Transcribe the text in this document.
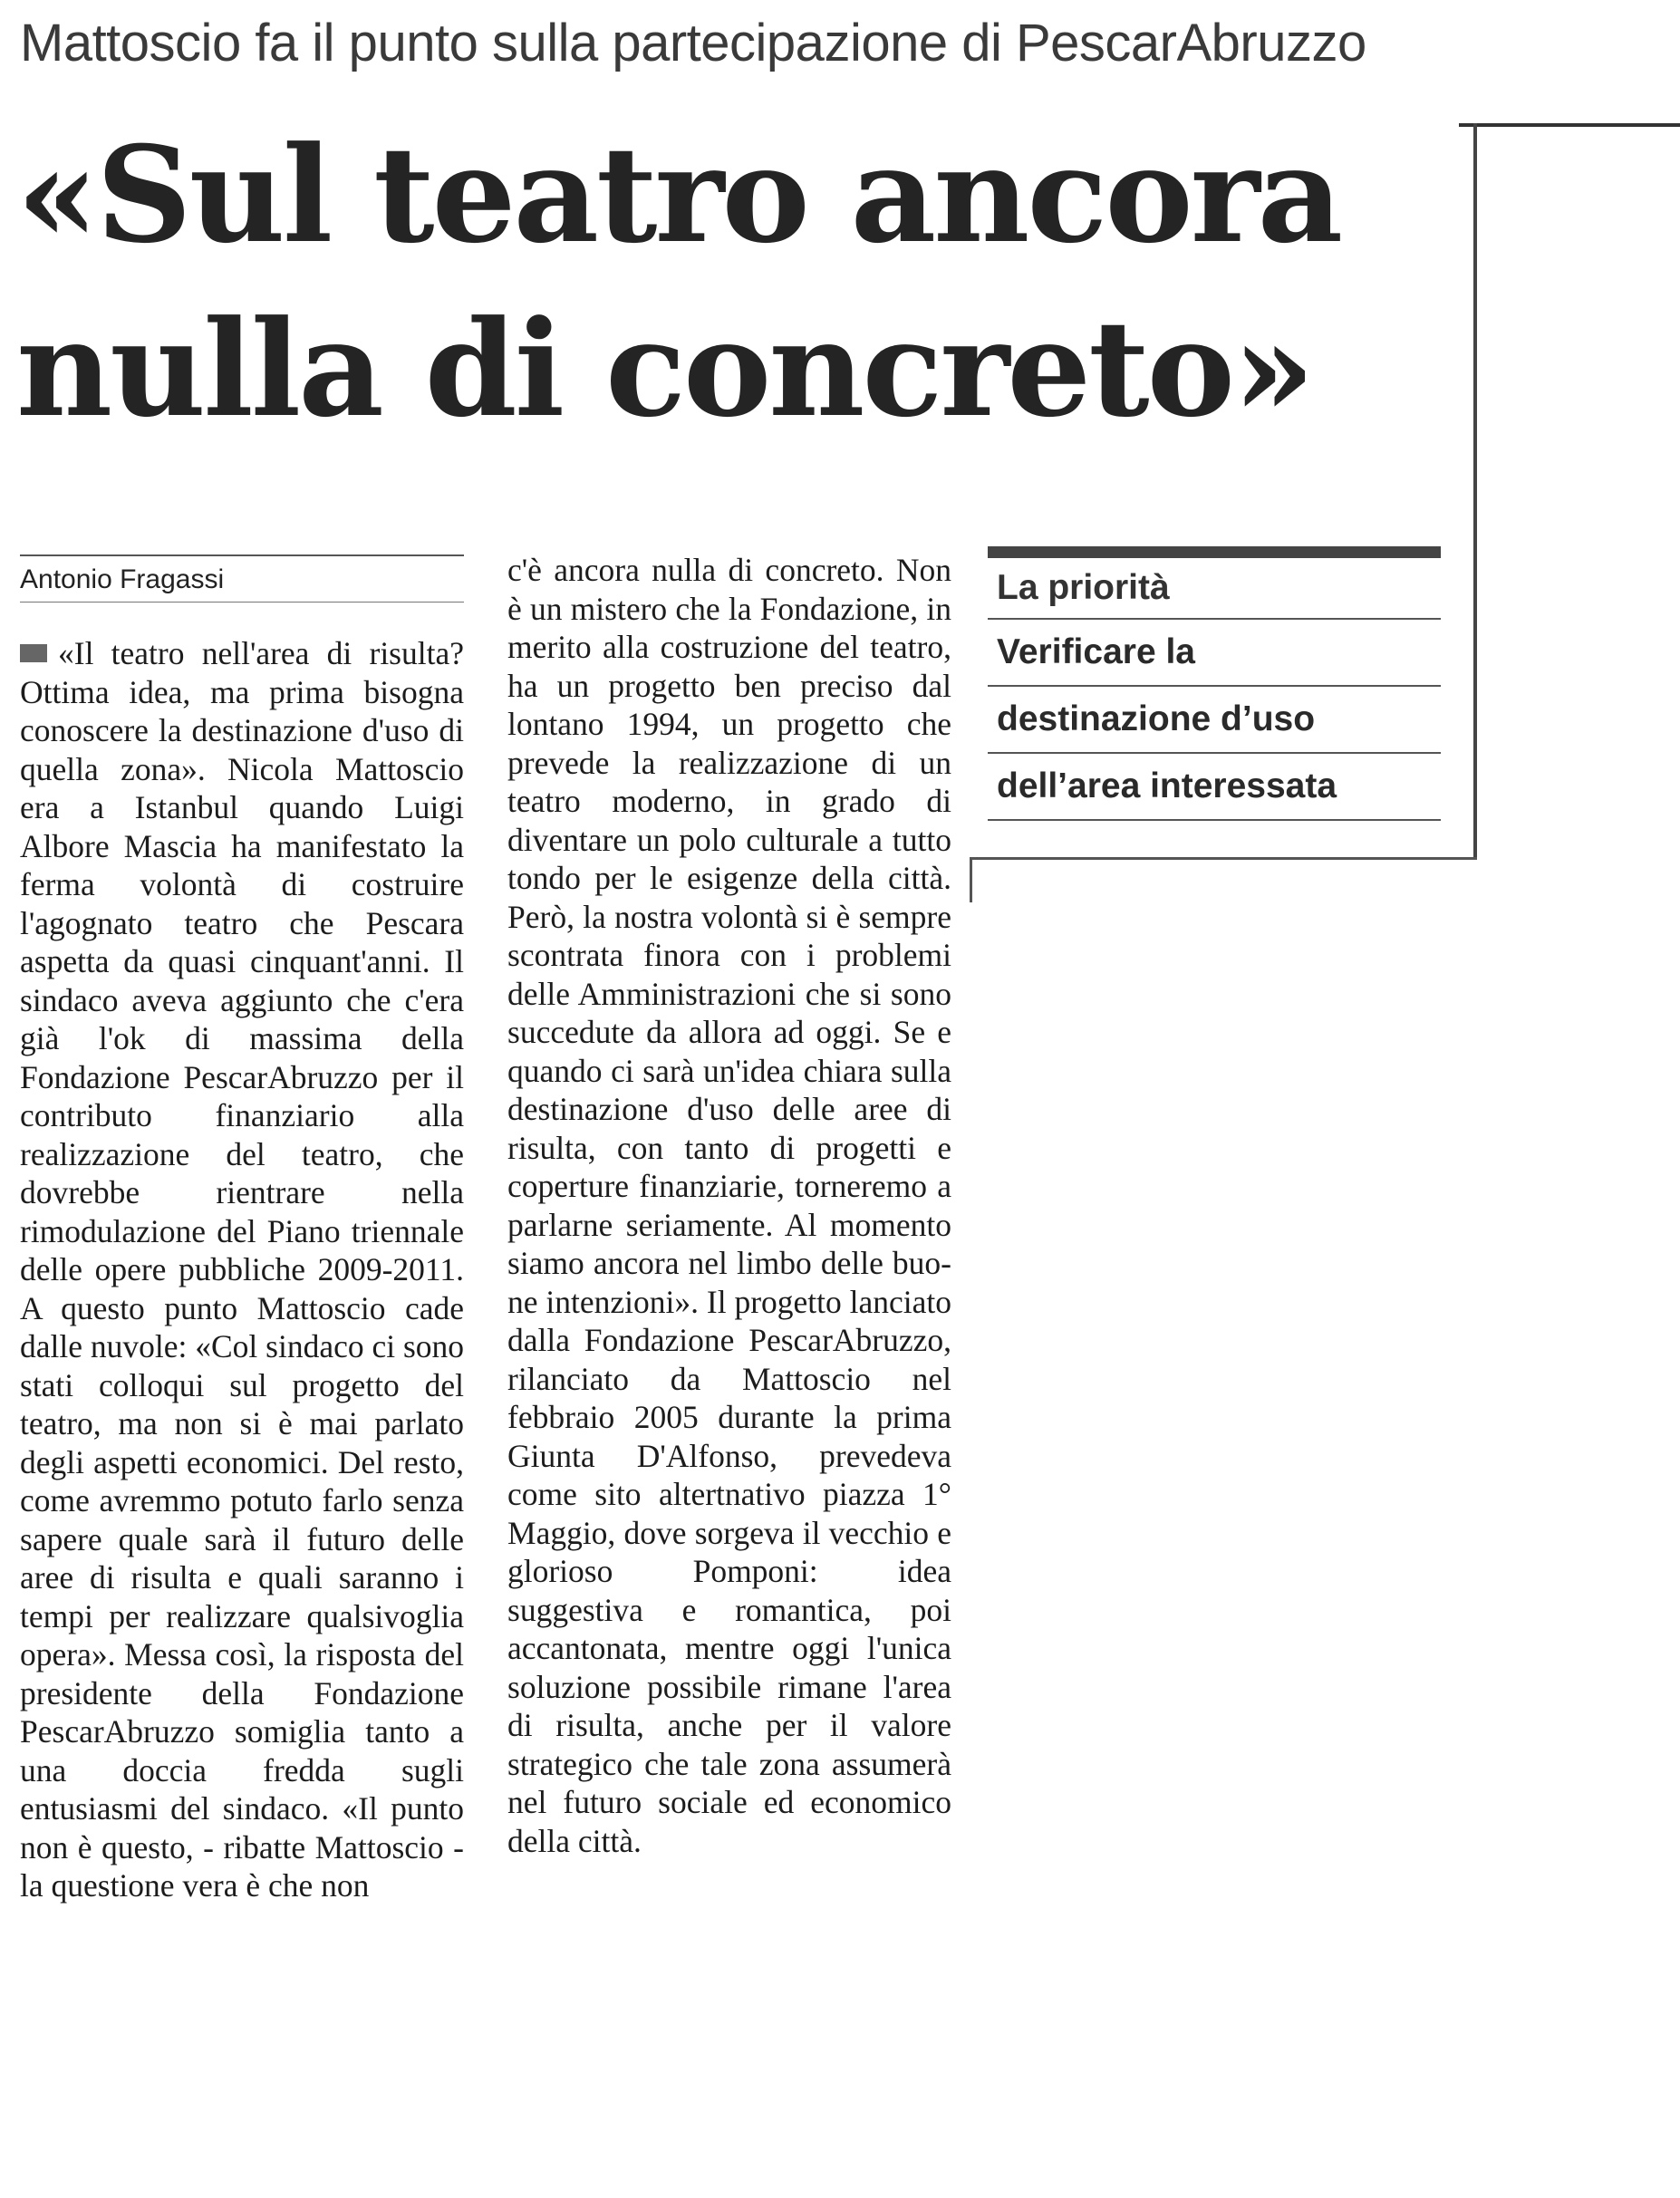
Mattoscio fa il punto sulla partecipazione di PescarAbruzzo
«Sul teatro ancora
nulla di concreto»
Antonio Fragassi

«Il teatro nell'area di risulta? Ottima idea, ma prima bisogna conoscere la destinazione d'uso di quella zona». Nicola Mattoscio era a Istanbul quando Luigi Albore Mascia ha manifestato la ferma volontà di costruire l'agognato teatro che Pescara aspetta da quasi cinquant'anni. Il sindaco aveva aggiunto che c'era già l'ok di massima della Fondazione PescarAbruzzo per il contributo finanziario alla realizzazione del teatro, che dovrebbe rientrare nella rimodulazione del Piano triennale delle opere pubbliche 2009-2011. A questo punto Mattoscio cade dalle nuvole: «Col sindaco ci sono stati colloqui sul progetto del teatro, ma non si è mai parlato degli aspetti economici. Del resto, come avremmo potuto farlo senza sapere quale sarà il futuro delle aree di risulta e quali saranno i tempi per realizzare qualsivoglia opera». Messa così, la risposta del presidente della Fondazione PescarAbruzzo somiglia tanto a una doccia fredda sugli entusiasmi del sindaco. «Il punto non è questo, - ribatte Mattoscio - la questione vera è che non

c'è ancora nulla di concreto. Non è un mistero che la Fondazione, in merito alla costruzione del teatro, ha un progetto ben preciso dal lontano 1994, un progetto che prevede la realizzazione di un teatro moderno, in grado di diventare un polo culturale a tutto tondo per le esigenze della città. Però, la nostra volontà si è sempre scontrata finora con i problemi delle Amministrazioni che si sono succedute da allora ad oggi. Se e quando ci sarà un'idea chiara sulla destinazione d'uso delle aree di risulta, con tanto di progetti e coperture finanziarie, torneremo a parlarne seriamente. Al momento siamo ancora nel limbo delle buone intenzioni». Il progetto lanciato dalla Fondazione PescarAbruzzo, rilanciato da Mattoscio nel febbraio 2005 durante la prima Giunta D'Alfonso, prevedeva come sito altertnativo piazza 1° Maggio, dove sorgeva il vecchio e glorioso Pomponi: idea suggestiva e romantica, poi accantonata, mentre oggi l'unica soluzione possibile rimane l'area di risulta, anche per il valore strategico che tale zona assumerà nel futuro sociale ed economico della città.

La priorità
Verificare la
destinazione d’uso
dell’area interessata
